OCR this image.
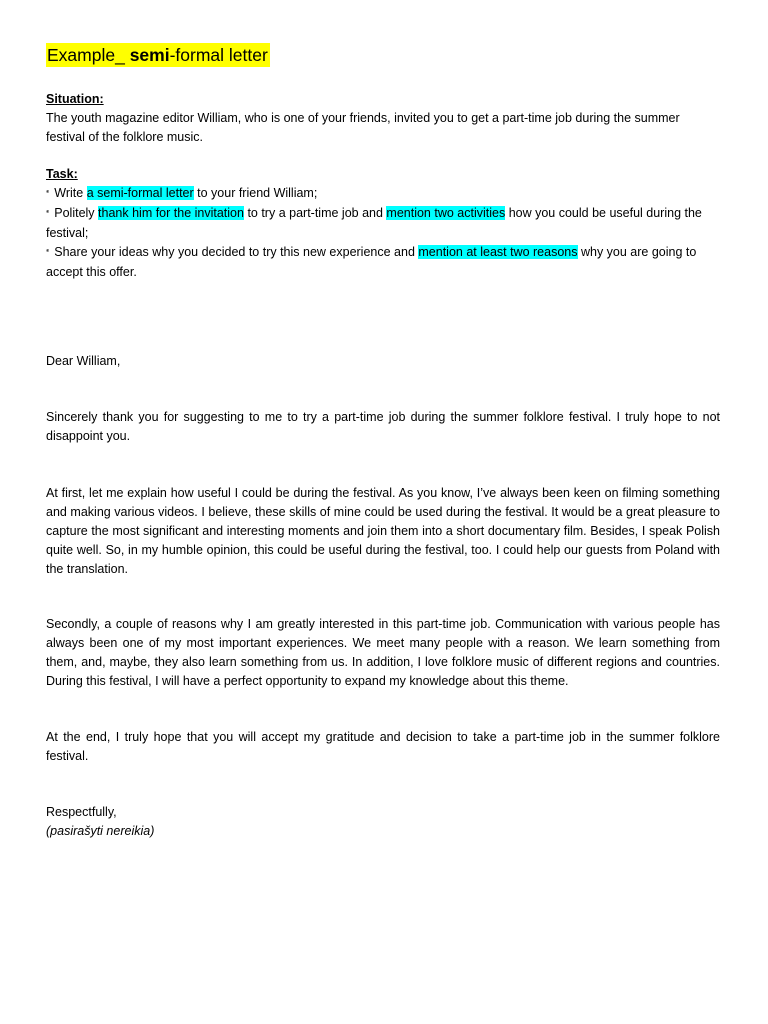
Example_ semi-formal letter

Situation:

The youth magazine editor William, who is one of your friends, invited you to get a part-time job during the summer festival of the folklore music.

Task:

‘‘ Write a semi-formal letter to your friend William;

‘‘ Politely thank him for the invitation to try a part-time job and mention two activities how you could be useful during the festival;

‘‘ Share your ideas why you decided to try this new experience and mention at least two reasons why you are going to accept this offer.

Dear William,
Sincerely thank you for suggesting to me to try a part-time job during the summer folklore festival. I truly hope to not disappoint you.
At first, let me explain how useful I could be during the festival. As you know, I’ve always been keen on filming something and making various videos. I believe, these skills of mine could be used during the festival. It would be a great pleasure to capture the most significant and interesting moments and join them into a short documentary film. Besides, I speak Polish quite well. So, in my humble opinion, this could be useful during the festival, too. I could help our guests from Poland with the translation.
Secondly, a couple of reasons why I am greatly interested in this part-time job. Communication with various people has always been one of my most important experiences. We meet many people with a reason. We learn something from them, and, maybe, they also learn something from us. In addition, I love folklore music of different regions and countries. During this festival, I will have a perfect opportunity to expand my knowledge about this theme.
At the end, I truly hope that you will accept my gratitude and decision to take a part-time job in the summer folklore festival.

Respectfully,

(pasirašyti nereikia)
